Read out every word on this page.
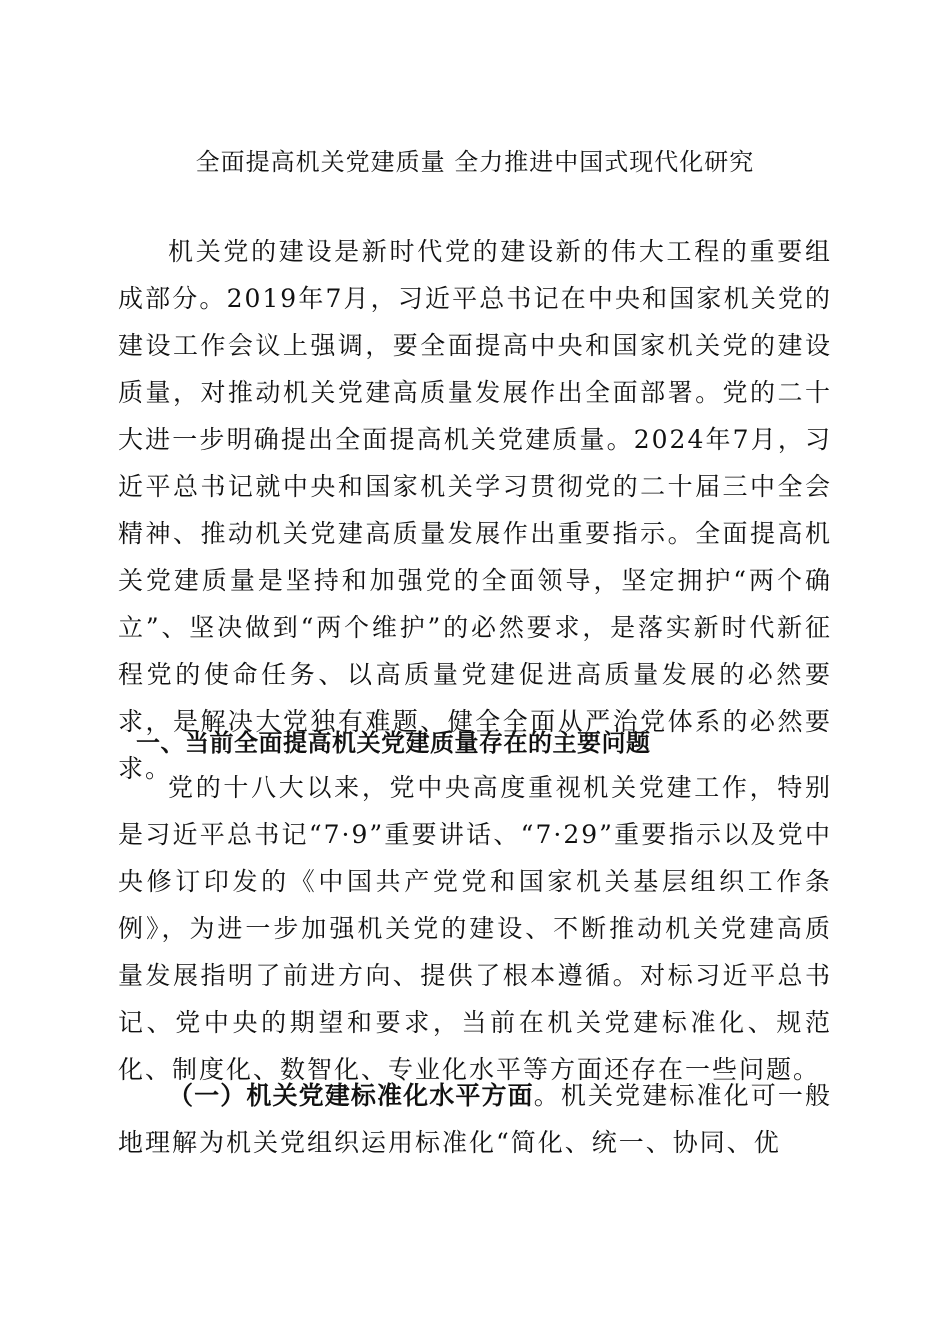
全面提高机关党建质量 全力推进中国式现代化研究

机关党的建设是新时代党的建设新的伟大工程的重要组成部分。2019年7月，习近平总书记在中央和国家机关党的建设工作会议上强调，要全面提高中央和国家机关党的建设质量，对推动机关党建高质量发展作出全面部署。党的二十大进一步明确提出全面提高机关党建质量。2024年7月，习近平总书记就中央和国家机关学习贯彻党的二十届三中全会精神、推动机关党建高质量发展作出重要指示。全面提高机关党建质量是坚持和加强党的全面领导，坚定拥护“两个确立”、坚决做到“两个维护”的必然要求，是落实新时代新征程党的使命任务、以高质量党建促进高质量发展的必然要求，是解决大党独有难题、健全全面从严治党体系的必然要求。

一、当前全面提高机关党建质量存在的主要问题

党的十八大以来，党中央高度重视机关党建工作，特别是习近平总书记“7·9”重要讲话、“7·29”重要指示以及党中央修订印发的《中国共产党党和国家机关基层组织工作条例》，为进一步加强机关党的建设、不断推动机关党建高质量发展指明了前进方向、提供了根本遵循。对标习近平总书记、党中央的期望和要求，当前在机关党建标准化、规范化、制度化、数智化、专业化水平等方面还存在一些问题。

（一）机关党建标准化水平方面。机关党建标准化可一般地理解为机关党组织运用标准化“简化、统一、协同、优
